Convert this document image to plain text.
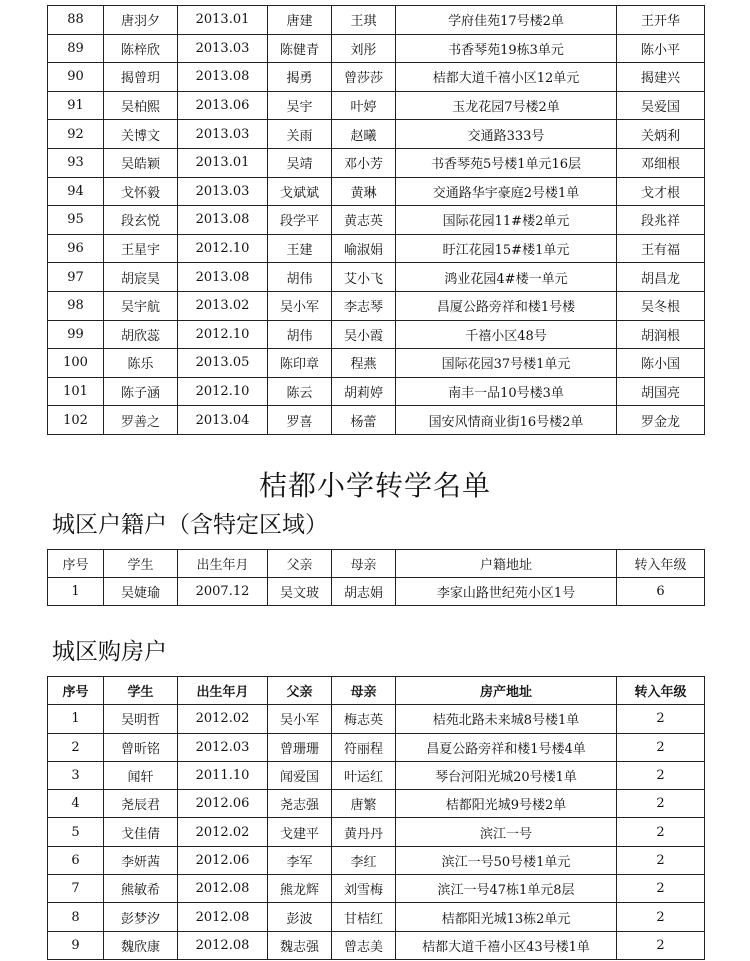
88	唐羽夕	2013.01	唐建	王琪	学府佳苑17号楼2单	王开华
89	陈梓欣	2013.03	陈健青	刘彤	书香琴苑19栋3单元	陈小平
90	揭曾玥	2013.08	揭勇	曾莎莎	桔都大道千禧小区12单元	揭建兴
91	吴柏熙	2013.06	吴宇	叶婷	玉龙花园7号楼2单	吴爱国
92	关博文	2013.03	关雨	赵曦	交通路333号	关炳利
93	吴皓颖	2013.01	吴靖	邓小芳	书香琴苑5号楼1单元16层	邓细根
94	戈怀毅	2013.03	戈斌斌	黄琳	交通路华宇豪庭2号楼1单	戈才根
95	段玄悦	2013.08	段学平	黄志英	国际花园11#楼2单元	段兆祥
96	王星宇	2012.10	王建	喻淑娟	盱江花园15#楼1单元	王有福
97	胡宸昊	2013.08	胡伟	艾小飞	鸿业花园4#楼一单元	胡昌龙
98	吴宇航	2013.02	吴小军	李志琴	昌厦公路旁祥和楼1号楼	吴冬根
99	胡欣蕊	2012.10	胡伟	吴小霞	千禧小区48号	胡润根
100	陈乐	2013.05	陈印章	程燕	国际花园37号楼1单元	陈小国
101	陈子涵	2012.10	陈云	胡莉婷	南丰一品10号楼3单	胡国亮
102	罗善之	2013.04	罗喜	杨蕾	国安风情商业街16号楼2单	罗金龙
桔都小学转学名单
城区户籍户（含特定区域）
序号	学生	出生年月	父亲	母亲	户籍地址	转入年级
1	吴婕瑜	2007.12	吴文玻	胡志娟	李家山路世纪苑小区1号	6
城区购房户
序号	学生	出生年月	父亲	母亲	房产地址	转入年级
1	吴明哲	2012.02	吴小军	梅志英	桔苑北路未来城8号楼1单	2
2	曾昕铭	2012.03	曾珊珊	符丽程	昌夏公路旁祥和楼1号楼4单	2
3	闻轩	2011.10	闻爱国	叶运红	琴台河阳光城20号楼1单	2
4	尧辰君	2012.06	尧志强	唐繁	桔都阳光城9号楼2单	2
5	戈佳倩	2012.02	戈建平	黄丹丹	滨江一号	2
6	李妍茜	2012.06	李军	李红	滨江一号50号楼1单元	2
7	熊敏希	2012.08	熊龙辉	刘雪梅	滨江一号47栋1单元8层	2
8	彭梦汐	2012.08	彭波	甘桔红	桔都阳光城13栋2单元	2
9	魏欣康	2012.08	魏志强	曾志美	桔都大道千禧小区43号楼1单	2
